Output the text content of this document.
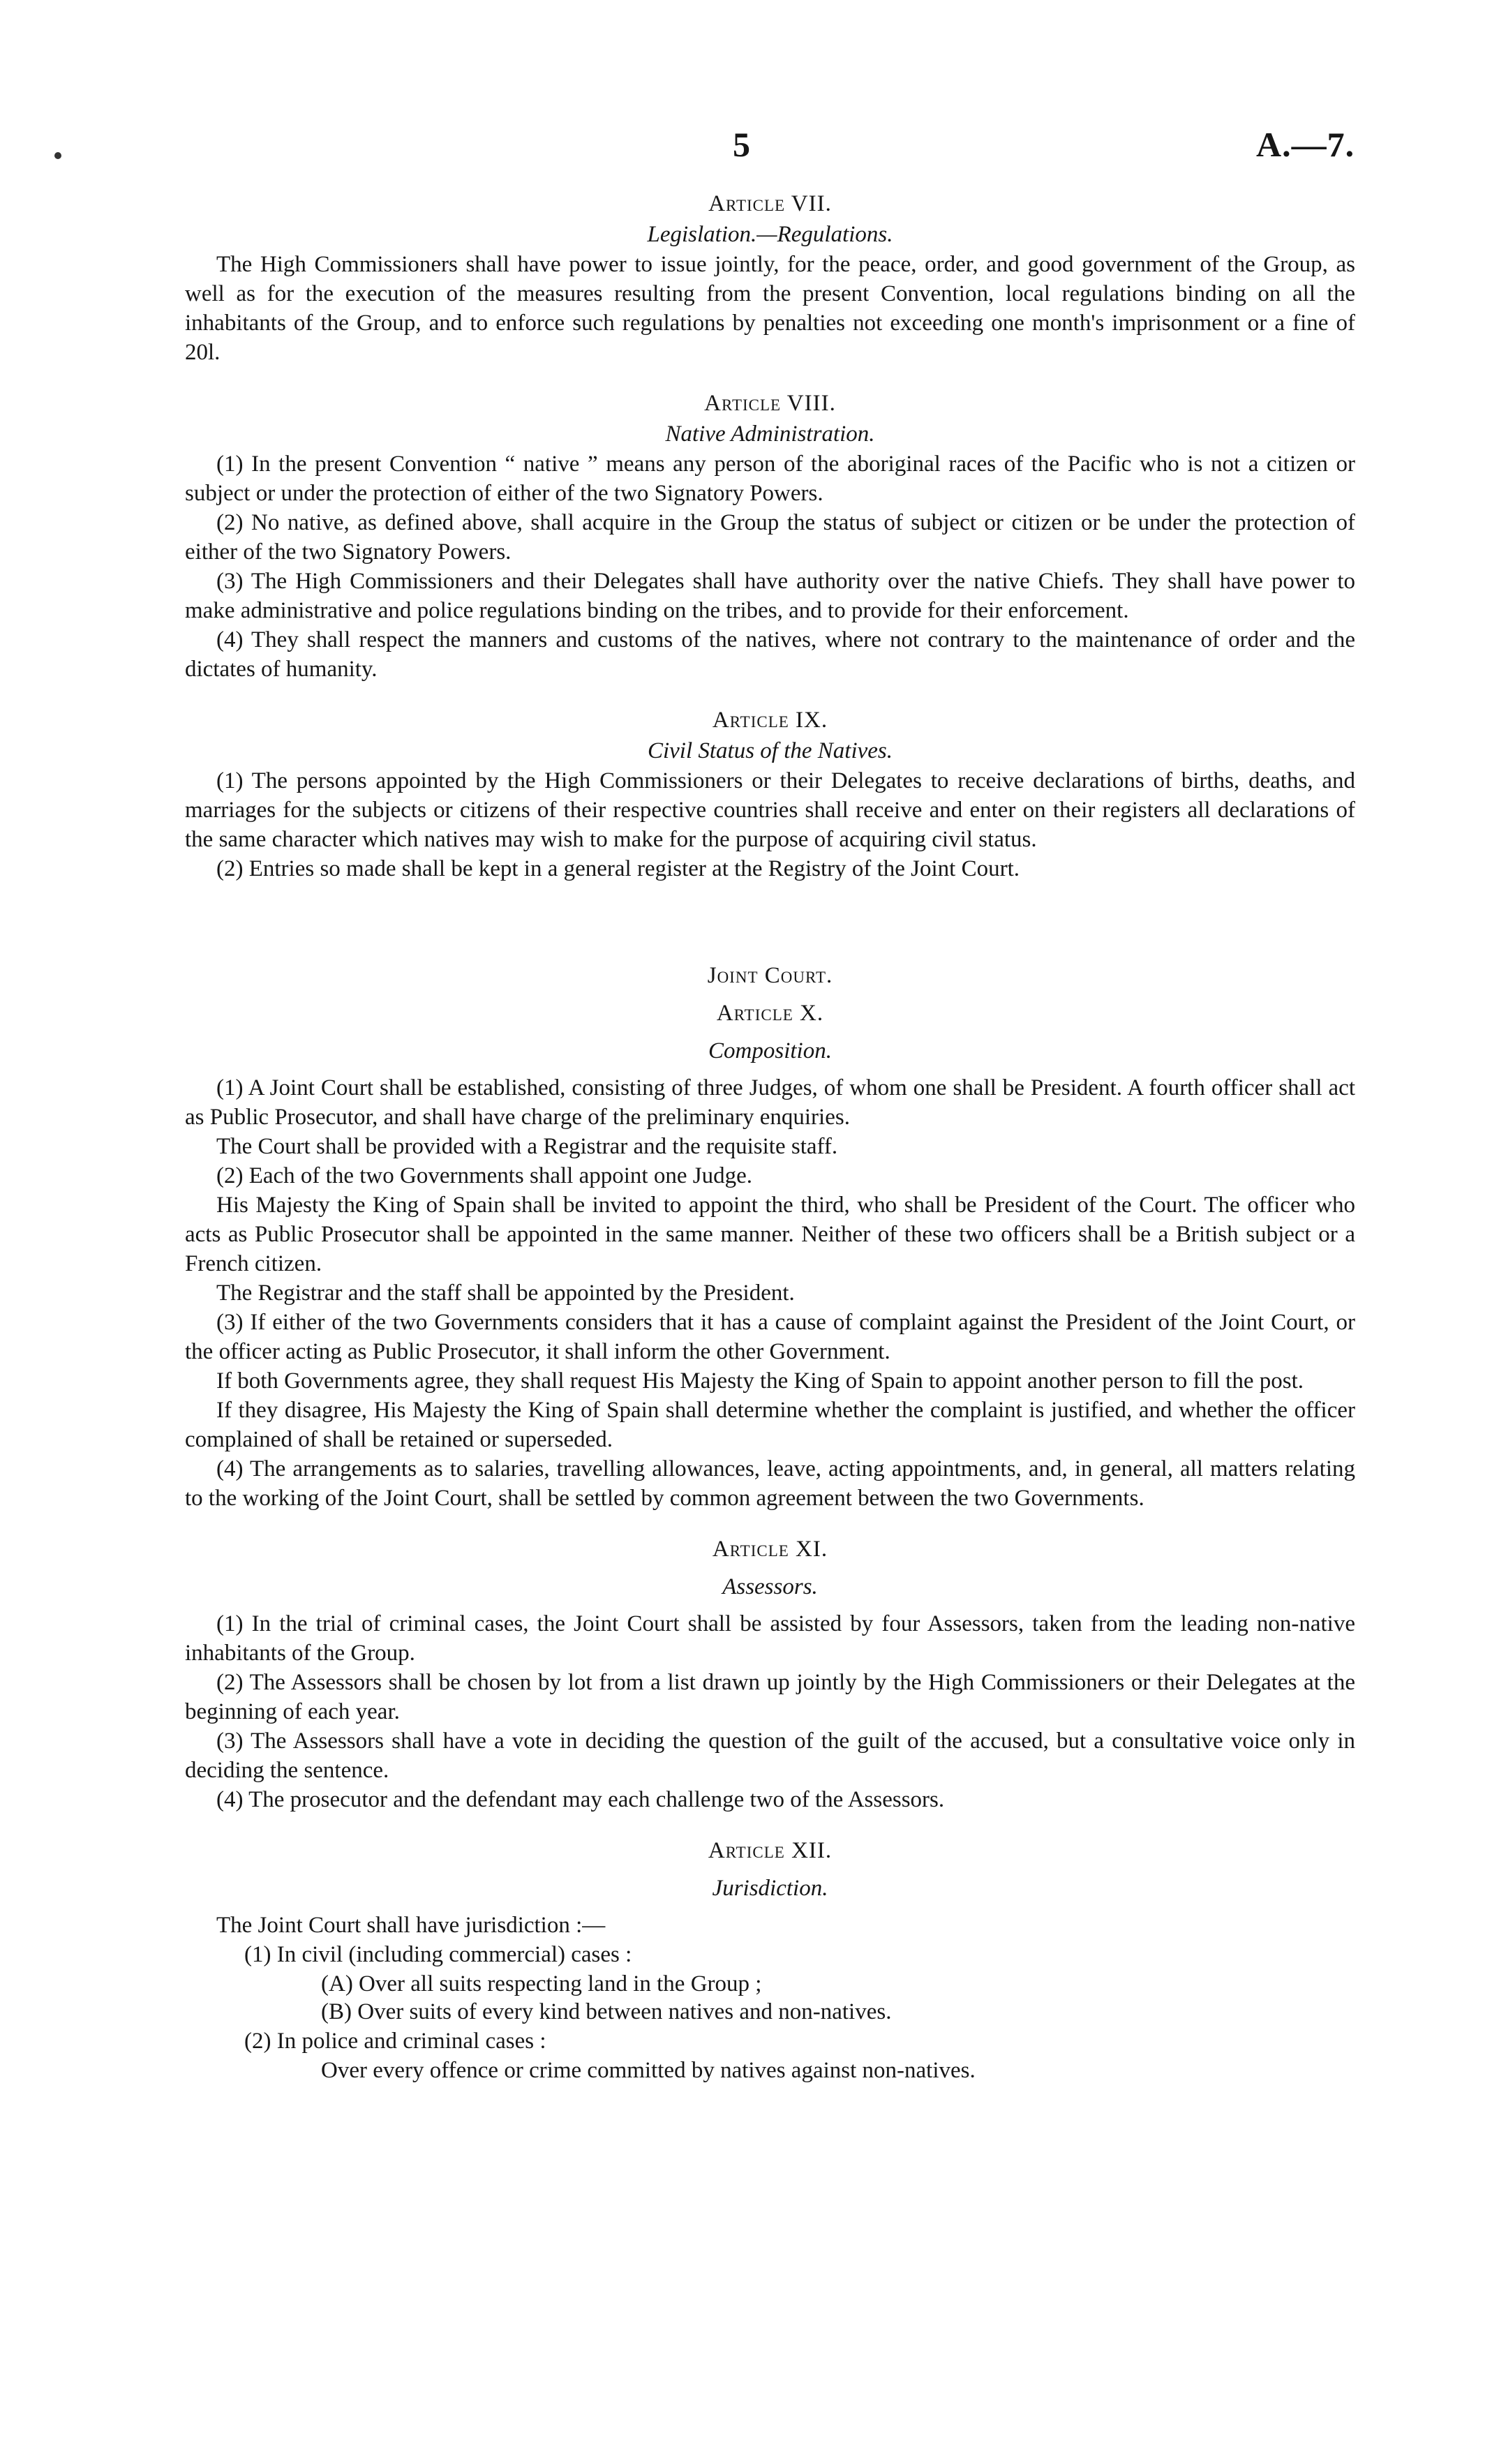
5	A.—7.
Article VII.
Legislation.—Regulations.

The High Commissioners shall have power to issue jointly, for the peace, order, and good government of the Group, as well as for the execution of the measures resulting from the present Convention, local regulations binding on all the inhabitants of the Group, and to enforce such regulations by penalties not exceeding one month's imprisonment or a fine of 20l.

Article VIII.
Native Administration.

(1) In the present Convention “ native ” means any person of the aboriginal races of the Pacific who is not a citizen or subject or under the protection of either of the two Signatory Powers.

(2) No native, as defined above, shall acquire in the Group the status of subject or citizen or be under the protection of either of the two Signatory Powers.

(3) The High Commissioners and their Delegates shall have authority over the native Chiefs. They shall have power to make administrative and police regulations binding on the tribes, and to provide for their enforcement.

(4) They shall respect the manners and customs of the natives, where not contrary to the maintenance of order and the dictates of humanity.

Article IX.
Civil Status of the Natives.

(1) The persons appointed by the High Commissioners or their Delegates to receive declarations of births, deaths, and marriages for the subjects or citizens of their respective countries shall receive and enter on their registers all declarations of the same character which natives may wish to make for the purpose of acquiring civil status.

(2) Entries so made shall be kept in a general register at the Registry of the Joint Court.

Joint Court.
Article X.
Composition.

(1) A Joint Court shall be established, consisting of three Judges, of whom one shall be President. A fourth officer shall act as Public Prosecutor, and shall have charge of the preliminary enquiries.

The Court shall be provided with a Registrar and the requisite staff.

(2) Each of the two Governments shall appoint one Judge.

His Majesty the King of Spain shall be invited to appoint the third, who shall be President of the Court. The officer who acts as Public Prosecutor shall be appointed in the same manner. Neither of these two officers shall be a British subject or a French citizen.

The Registrar and the staff shall be appointed by the President.

(3) If either of the two Governments considers that it has a cause of complaint against the President of the Joint Court, or the officer acting as Public Prosecutor, it shall inform the other Government.

If both Governments agree, they shall request His Majesty the King of Spain to appoint another person to fill the post.

If they disagree, His Majesty the King of Spain shall determine whether the complaint is justified, and whether the officer complained of shall be retained or superseded.

(4) The arrangements as to salaries, travelling allowances, leave, acting appointments, and, in general, all matters relating to the working of the Joint Court, shall be settled by common agreement between the two Governments.

Article XI.
Assessors.

(1) In the trial of criminal cases, the Joint Court shall be assisted by four Assessors, taken from the leading non-native inhabitants of the Group.

(2) The Assessors shall be chosen by lot from a list drawn up jointly by the High Commissioners or their Delegates at the beginning of each year.

(3) The Assessors shall have a vote in deciding the question of the guilt of the accused, but a consultative voice only in deciding the sentence.

(4) The prosecutor and the defendant may each challenge two of the Assessors.

Article XII.
Jurisdiction.

The Joint Court shall have jurisdiction :—

(1) In civil (including commercial) cases :

(A) Over all suits respecting land in the Group ;

(B) Over suits of every kind between natives and non-natives.

(2) In police and criminal cases :

Over every offence or crime committed by natives against non-natives.
